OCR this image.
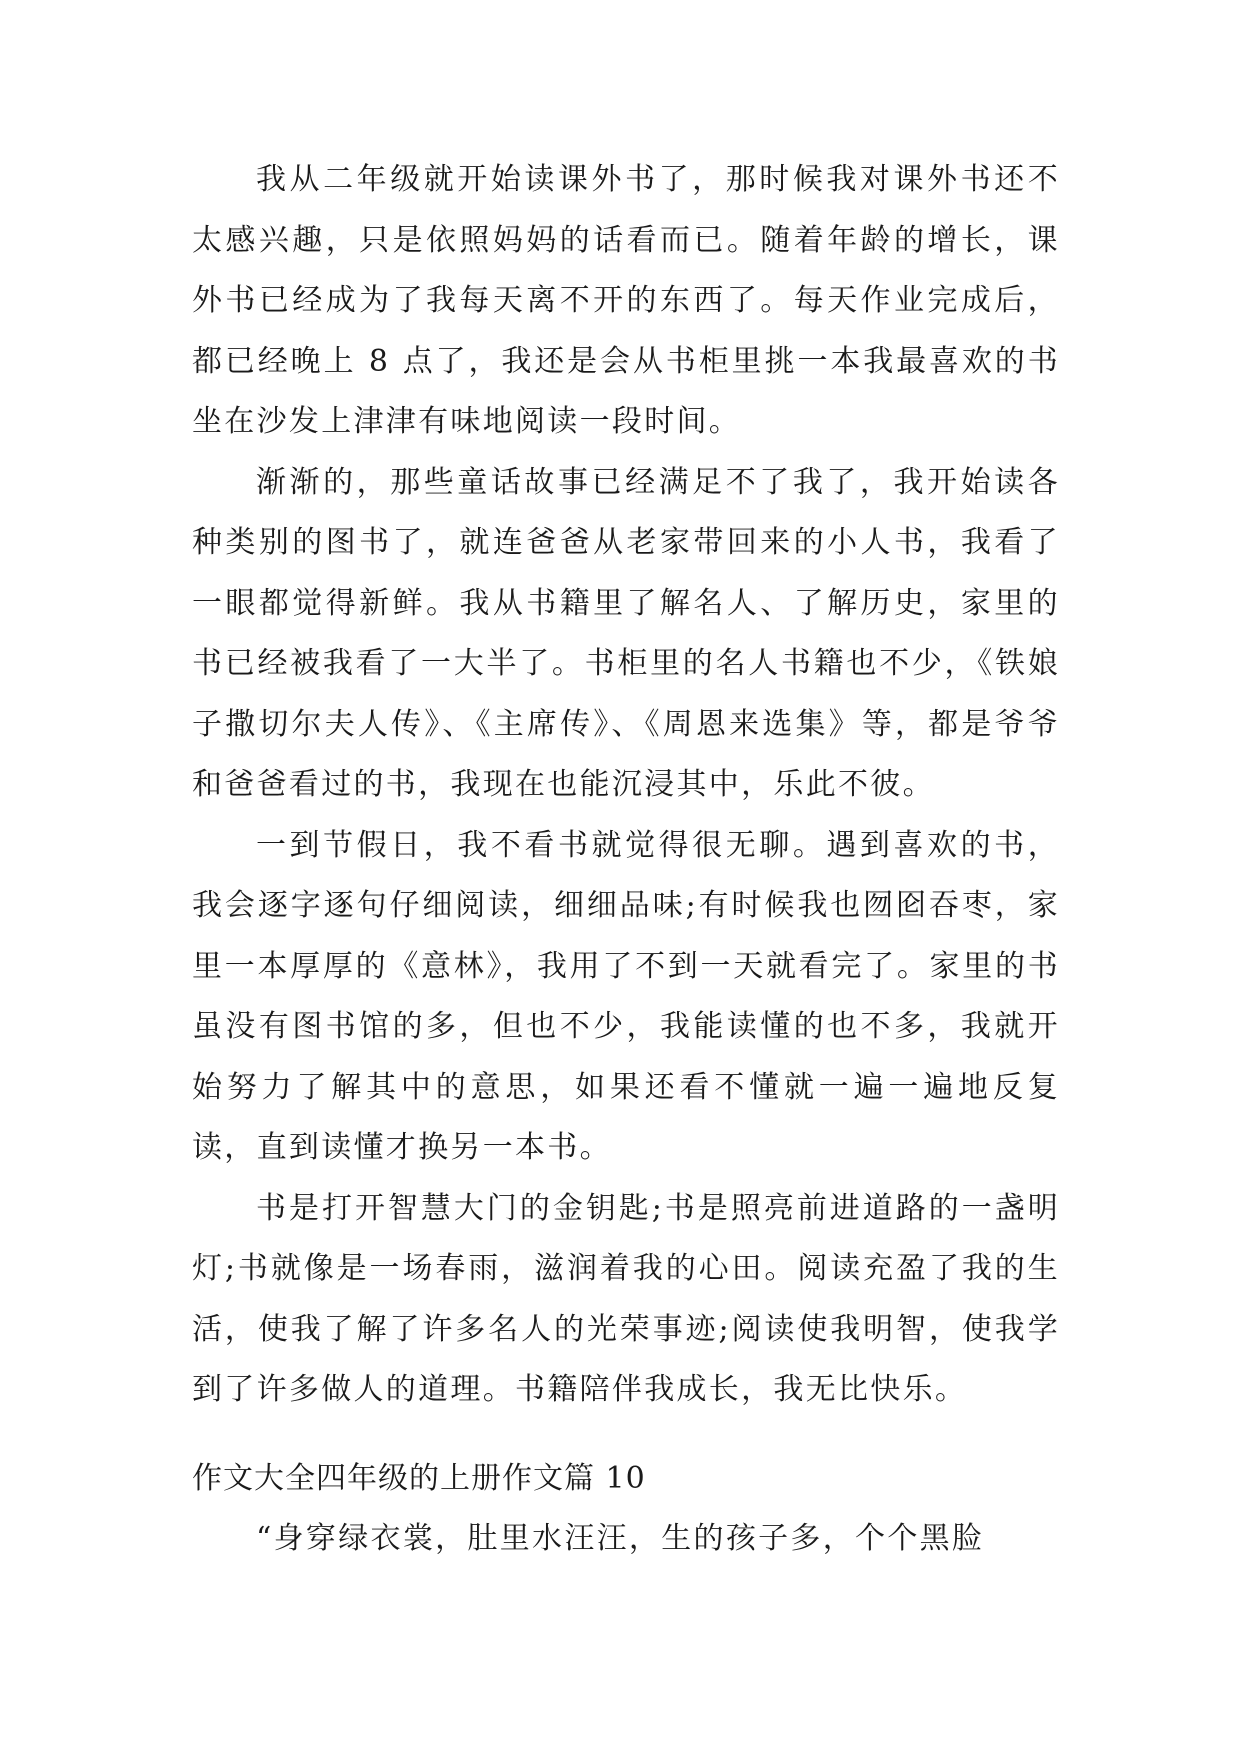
我从二年级就开始读课外书了，那时候我对课外书还不太感兴趣，只是依照妈妈的话看而已。随着年龄的增长，课外书已经成为了我每天离不开的东西了。每天作业完成后，都已经晚上 8 点了，我还是会从书柜里挑一本我最喜欢的书坐在沙发上津津有味地阅读一段时间。

渐渐的，那些童话故事已经满足不了我了，我开始读各种类别的图书了，就连爸爸从老家带回来的小人书，我看了一眼都觉得新鲜。我从书籍里了解名人、了解历史，家里的书已经被我看了一大半了。书柜里的名人书籍也不少，《铁娘子撒切尔夫人传》、《主席传》、《周恩来选集》等，都是爷爷和爸爸看过的书，我现在也能沉浸其中，乐此不彼。

一到节假日，我不看书就觉得很无聊。遇到喜欢的书，我会逐字逐句仔细阅读，细细品味;有时候我也囫囵吞枣，家里一本厚厚的《意林》，我用了不到一天就看完了。家里的书虽没有图书馆的多，但也不少，我能读懂的也不多，我就开始努力了解其中的意思，如果还看不懂就一遍一遍地反复读，直到读懂才换另一本书。

书是打开智慧大门的金钥匙;书是照亮前进道路的一盏明灯;书就像是一场春雨，滋润着我的心田。阅读充盈了我的生活，使我了解了许多名人的光荣事迹;阅读使我明智，使我学到了许多做人的道理。书籍陪伴我成长，我无比快乐。

作文大全四年级的上册作文篇 10

“身穿绿衣裳，肚里水汪汪，生的孩子多，个个黑脸
